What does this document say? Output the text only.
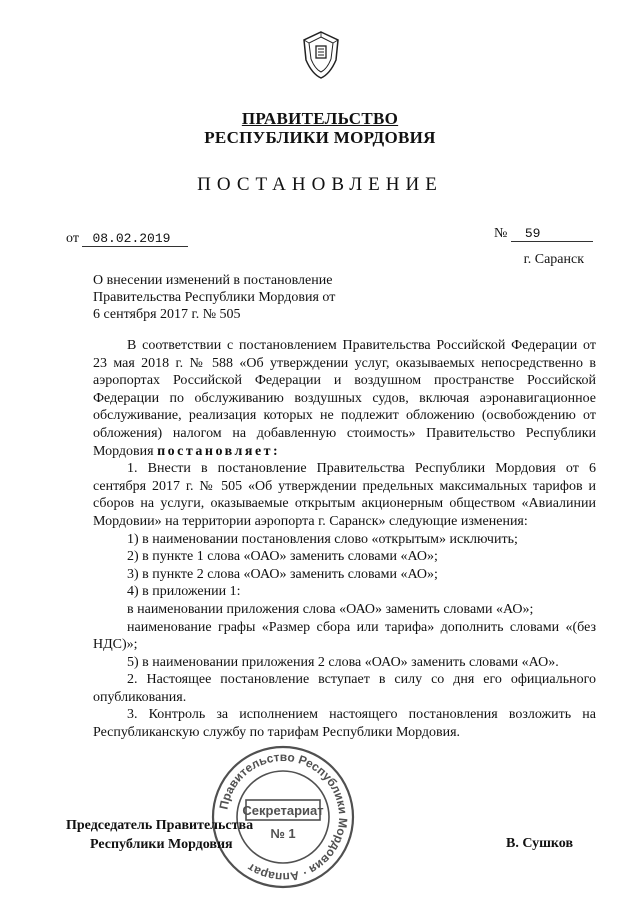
ПРАВИТЕЛЬСТВО
РЕСПУБЛИКИ МОРДОВИЯ
ПОСТАНОВЛЕНИЕ
от 08.02.2019	№ 59
г. Саранск
О внесении изменений в постановление
Правительства Республики Мордовия от
6 сентября 2017 г. № 505

В соответствии с постановлением Правительства Российской Федерации от 23 мая 2018 г. № 588 «Об утверждении услуг, оказываемых непосредственно в аэропортах Российской Федерации и воздушном пространстве Российской Федерации по обслуживанию воздушных судов, включая аэронавигационное обслуживание, реализация которых не подлежит обложению (освобождению от обложения) налогом на добавленную стоимость» Правительство Республики Мордовия постановляет:

1. Внести в постановление Правительства Республики Мордовия от 6 сентября 2017 г. № 505 «Об утверждении предельных максимальных тарифов и сборов на услуги, оказываемые открытым акционерным обществом «Авиалинии Мордовии» на территории аэропорта г. Саранск» следующие изменения:

1) в наименовании постановления слово «открытым» исключить;

2) в пункте 1 слова «ОАО» заменить словами «АО»;

3) в пункте 2 слова «ОАО» заменить словами «АО»;

4) в приложении 1:

в наименовании приложения слова «ОАО» заменить словами «АО»;

наименование графы «Размер сбора или тарифа» дополнить словами «(без НДС)»;

5) в наименовании приложения 2 слова «ОАО» заменить словами «АО».

2. Настоящее постановление вступает в силу со дня его официального опубликования.

3. Контроль за исполнением настоящего постановления возложить на Республиканскую службу по тарифам Республики Мордовия.

Правительство Республики Мордовия · Аппарат
Секретариат
№ 1
Председатель Правительства
Республики Мордовия	В. Сушков
